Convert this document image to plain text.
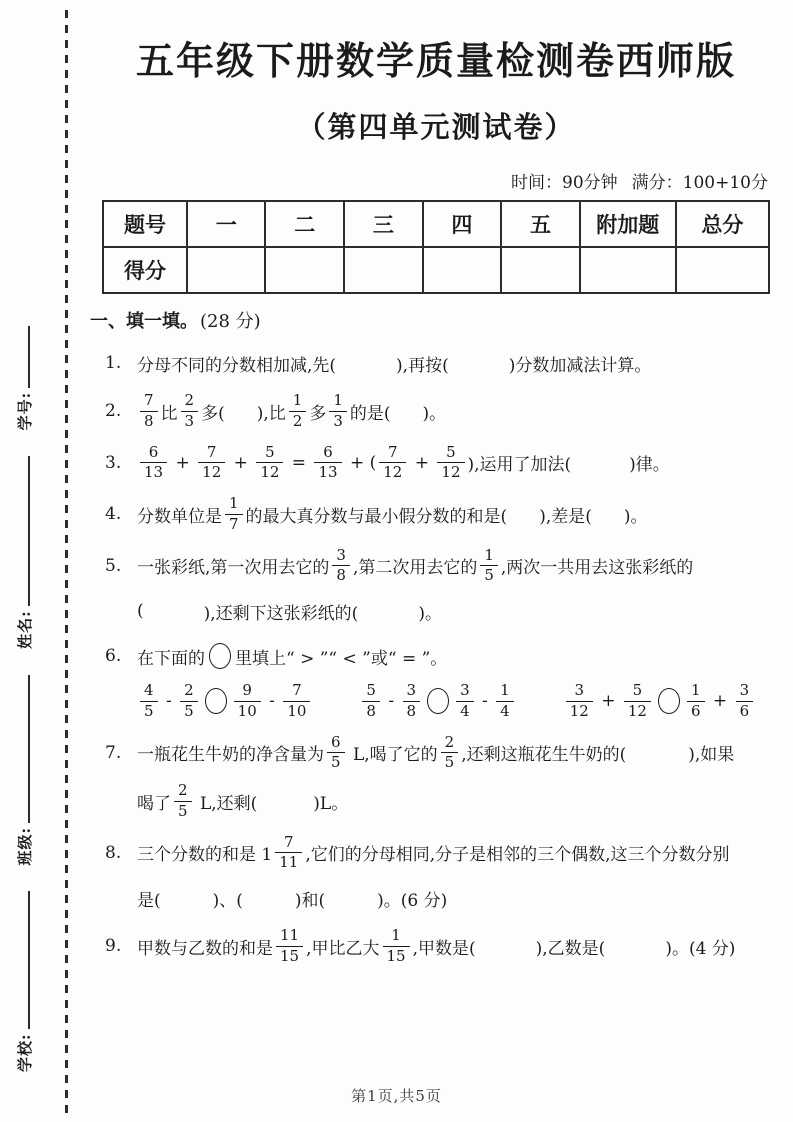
学校:
班级:
姓名:
学号:
五年级下册数学质量检测卷西师版
（第四单元测试卷）
时间：90分钟 满分：100+10分
题号	一	二	三	四	五	附加题	总分
得分							
一、填一填。 (28 分)
1. 分母不同的分数相加减,先(	),再按(	)分数加减法计算。
2.	$\frac{7}{8}$ 比 $\frac{2}{3}$ 多( ),比 $\frac{1}{2}$ 多 $\frac{1}{3}$ 的是( )。
3.	$\frac{6}{13} + \frac{7}{12} + \frac{5}{12} = \frac{6}{13}$ + ( $\frac{7}{12} + \frac{5}{12}$ ),运用了加法(	)律。
4. 分数单位是 $\frac{1}{7}$ 的最大真分数与最小假分数的和是( ),差是( )。
5. 一张彩纸,第一次用去它的 $\frac{3}{8}$ ,第二次用去它的 $\frac{1}{5}$ ,两次一共用去这张彩纸的
(	),还剩下这张彩纸的(	)。
6. 在下面的 里填上“ > ”“ < ”或“ = ”。
$\frac{4}{5} - \frac{2}{5} \frac{9}{10} - \frac{7}{10}$	$\frac{5}{8} - \frac{3}{8} \frac{3}{4} - \frac{1}{4}$	$\frac{3}{12} + \frac{5}{12} \frac{1}{6} + \frac{3}{6}$
7. 一瓶花生牛奶的净含量为 $\frac{6}{5} L$,喝了它的 $\frac{2}{5}$ ,还剩这瓶花生牛奶的(	),如果
喝了 $\frac{2}{5} L$,还剩(	)L。
8. 三个分数的和是 $1 \frac{7}{11}$ ,它们的分母相同,分子是相邻的三个偶数,这三个分数分别
是(	)、(	)和(	)。(6 分)
9. 甲数与乙数的和是 $\frac{11}{15}$ ,甲比乙大 $\frac{1}{15}$ ,甲数是(	),乙数是(	)。(4 分)
第1页,共5页
